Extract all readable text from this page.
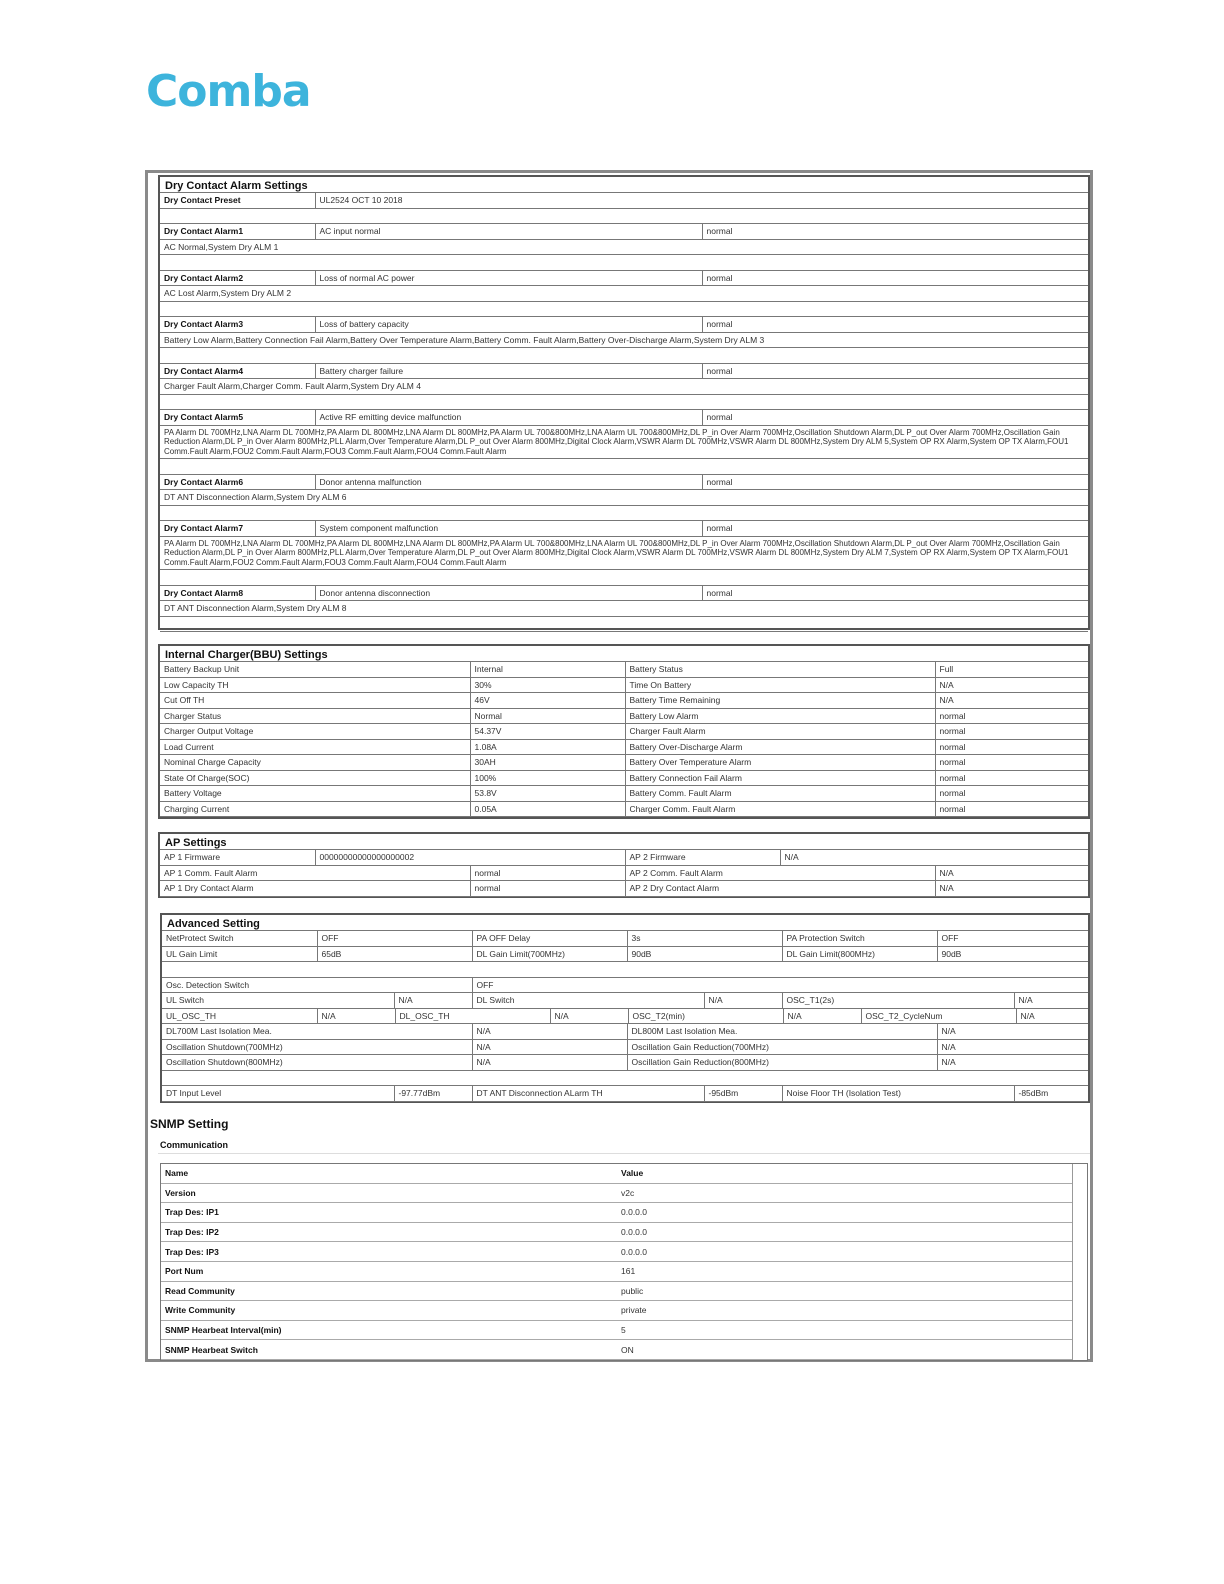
Comba
Dry Contact Alarm Settings
Dry Contact Preset	UL2524 OCT 10 2018	

Dry Contact Alarm1	AC input normal	normal
AC Normal,System Dry ALM 1		

Dry Contact Alarm2	Loss of normal AC power	normal
AC Lost Alarm,System Dry ALM 2		

Dry Contact Alarm3	Loss of battery capacity	normal
Battery Low Alarm,Battery Connection Fail Alarm,Battery Over Temperature Alarm,Battery Comm. Fault Alarm,Battery Over-Discharge Alarm,System Dry ALM 3		

Dry Contact Alarm4	Battery charger failure	normal
Charger Fault Alarm,Charger Comm. Fault Alarm,System Dry ALM 4		

Dry Contact Alarm5	Active RF emitting device malfunction	normal
PA Alarm DL 700MHz,LNA Alarm DL 700MHz,PA Alarm DL 800MHz,LNA Alarm DL 800MHz,PA Alarm UL 700&800MHz,LNA Alarm UL 700&800MHz,DL P_in Over Alarm 700MHz,Oscillation Shutdown Alarm,DL P_out Over Alarm 700MHz,Oscillation Gain Reduction Alarm,DL P_in Over Alarm 800MHz,PLL Alarm,Over Temperature Alarm,DL P_out Over Alarm 800MHz,Digital Clock Alarm,VSWR Alarm DL 700MHz,VSWR Alarm DL 800MHz,System Dry ALM 5,System OP RX Alarm,System OP TX Alarm,FOU1 Comm.Fault Alarm,FOU2 Comm.Fault Alarm,FOU3 Comm.Fault Alarm,FOU4 Comm.Fault Alarm		

Dry Contact Alarm6	Donor antenna malfunction	normal
DT ANT Disconnection Alarm,System Dry ALM 6		

Dry Contact Alarm7	System component malfunction	normal
PA Alarm DL 700MHz,LNA Alarm DL 700MHz,PA Alarm DL 800MHz,LNA Alarm DL 800MHz,PA Alarm UL 700&800MHz,LNA Alarm UL 700&800MHz,DL P_in Over Alarm 700MHz,Oscillation Shutdown Alarm,DL P_out Over Alarm 700MHz,Oscillation Gain Reduction Alarm,DL P_in Over Alarm 800MHz,PLL Alarm,Over Temperature Alarm,DL P_out Over Alarm 800MHz,Digital Clock Alarm,VSWR Alarm DL 700MHz,VSWR Alarm DL 800MHz,System Dry ALM 7,System OP RX Alarm,System OP TX Alarm,FOU1 Comm.Fault Alarm,FOU2 Comm.Fault Alarm,FOU3 Comm.Fault Alarm,FOU4 Comm.Fault Alarm		

Dry Contact Alarm8	Donor antenna disconnection	normal
DT ANT Disconnection Alarm,System Dry ALM 8		

Internal Charger(BBU) Settings
Battery Backup Unit	Internal	Battery Status	Full
Low Capacity TH	30%	Time On Battery	N/A
Cut Off TH	46V	Battery Time Remaining	N/A
Charger Status	Normal	Battery Low Alarm	normal
Charger Output Voltage	54.37V	Charger Fault Alarm	normal
Load Current	1.08A	Battery Over-Discharge Alarm	normal
Nominal Charge Capacity	30AH	Battery Over Temperature Alarm	normal
State Of Charge(SOC)	100%	Battery Connection Fail Alarm	normal
Battery Voltage	53.8V	Battery Comm. Fault Alarm	normal
Charging Current	0.05A	Charger Comm. Fault Alarm	normal
AP Settings
AP 1 Firmware	00000000000000000002	AP 2 Firmware	N/A
AP 1 Comm. Fault Alarm	normal	AP 2 Comm. Fault Alarm	N/A
AP 1 Dry Contact Alarm	normal	AP 2 Dry Contact Alarm	N/A
Advanced Setting
NetProtect Switch	OFF	PA OFF Delay	3s	PA Protection Switch	OFF
UL Gain Limit	65dB	DL Gain Limit(700MHz)	90dB	DL Gain Limit(800MHz)	90dB

Osc. Detection Switch	OFF
UL Switch	N/A	DL Switch	N/A	OSC_T1(2s)	N/A
UL_OSC_TH	N/A	DL_OSC_TH	N/A	OSC_T2(min)	N/A	OSC_T2_CycleNum	N/A
DL700M Last Isolation Mea.	N/A	DL800M Last Isolation Mea.	N/A
Oscillation Shutdown(700MHz)	N/A	Oscillation Gain Reduction(700MHz)	N/A
Oscillation Shutdown(800MHz)	N/A	Oscillation Gain Reduction(800MHz)	N/A

DT Input Level	-97.77dBm	DT ANT Disconnection ALarm TH	-95dBm	Noise Floor TH (Isolation Test)	-85dBm
SNMP Setting
Communication
Name	Value
Version	v2c
Trap Des: IP1	0.0.0.0
Trap Des: IP2	0.0.0.0
Trap Des: IP3	0.0.0.0
Port Num	161
Read Community	public
Write Community	private
SNMP Hearbeat Interval(min)	5
SNMP Hearbeat Switch	ON
